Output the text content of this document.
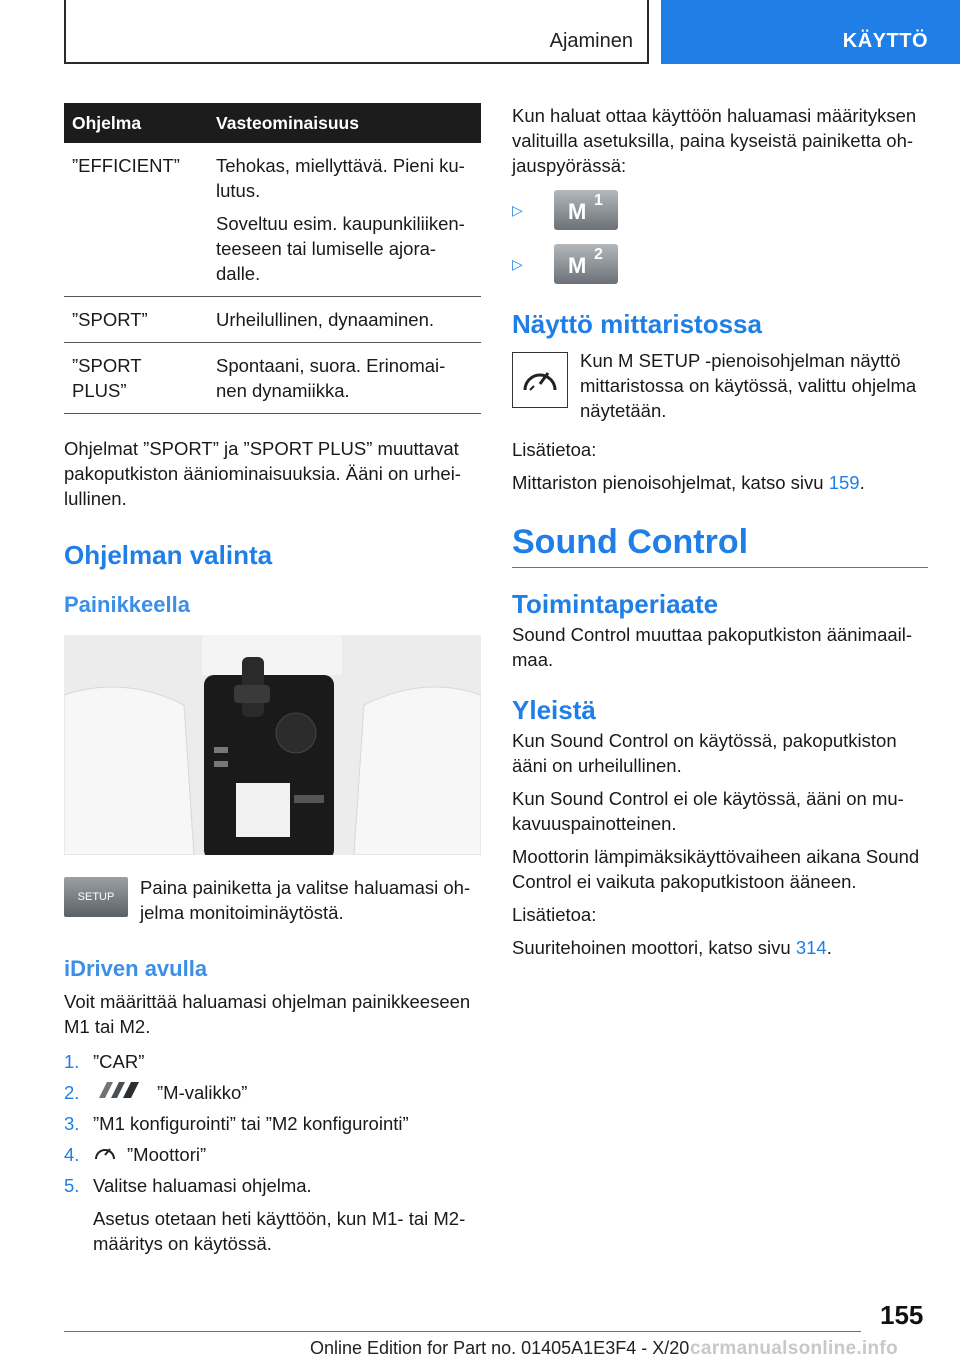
Ajaminen	KÄYTTÖ
Ohjelma	Vasteominaisuus
”EFFICIENT”	Tehokas, miellyttävä. Pieni ku-lutus.

Soveltuu esim. kaupunkiliiken-teeseen tai lumiselle ajora-dalle.

”SPORT”	Urheilullinen, dynaaminen.

”SPORT PLUS”	Spontaani, suora. Erinomai-nen dynamiikka.

Ohjelmat ”SPORT” ja ”SPORT PLUS” muuttavat pakoputkiston ääniominaisuuksia. Ääni on urhei-lullinen.

Ohjelman valinta
Painikkeella
SETUP Paina painiketta ja valitse haluamasi oh-jelma monitoiminäytöstä.

iDriven avulla

Voit määrittää haluamasi ohjelman painikkeeseen M1 tai M2.

1. ”CAR”
2.	”M-valikko”
3. ”M1 konfigurointi” tai ”M2 konfigurointi”
4.	”Moottori”
5. Valitse haluamasi ohjelma.
Asetus otetaan heti käyttöön, kun M1- tai M2-määritys on käytössä.

Kun haluat ottaa käyttöön haluamasi määrityksen valituilla asetuksilla, paina kyseistä painiketta oh-jauspyörässä:

▷	M 1
▷	M 2
Näyttö mittaristossa

Kun M SETUP -pienoisohjelman näyttö mittaristossa on käytössä, valittu ohjelma näytetään.

Lisätietoa:

Mittariston pienoisohjelmat, katso sivu 159.

Sound Control
Toimintaperiaate

Sound Control muuttaa pakoputkiston äänimaail-maa.

Yleistä

Kun Sound Control on käytössä, pakoputkiston ääni on urheilullinen.

Kun Sound Control ei ole käytössä, ääni on mu-kavuuspainotteinen.

Moottorin lämpimäksikäyttövaiheen aikana Sound Control ei vaikuta pakoputkistoon ääneen.

Lisätietoa:

Suuritehoinen moottori, katso sivu 314.

155
Online Edition for Part no. 01405A1E3F4 - X/20 carmanualsonline.info
